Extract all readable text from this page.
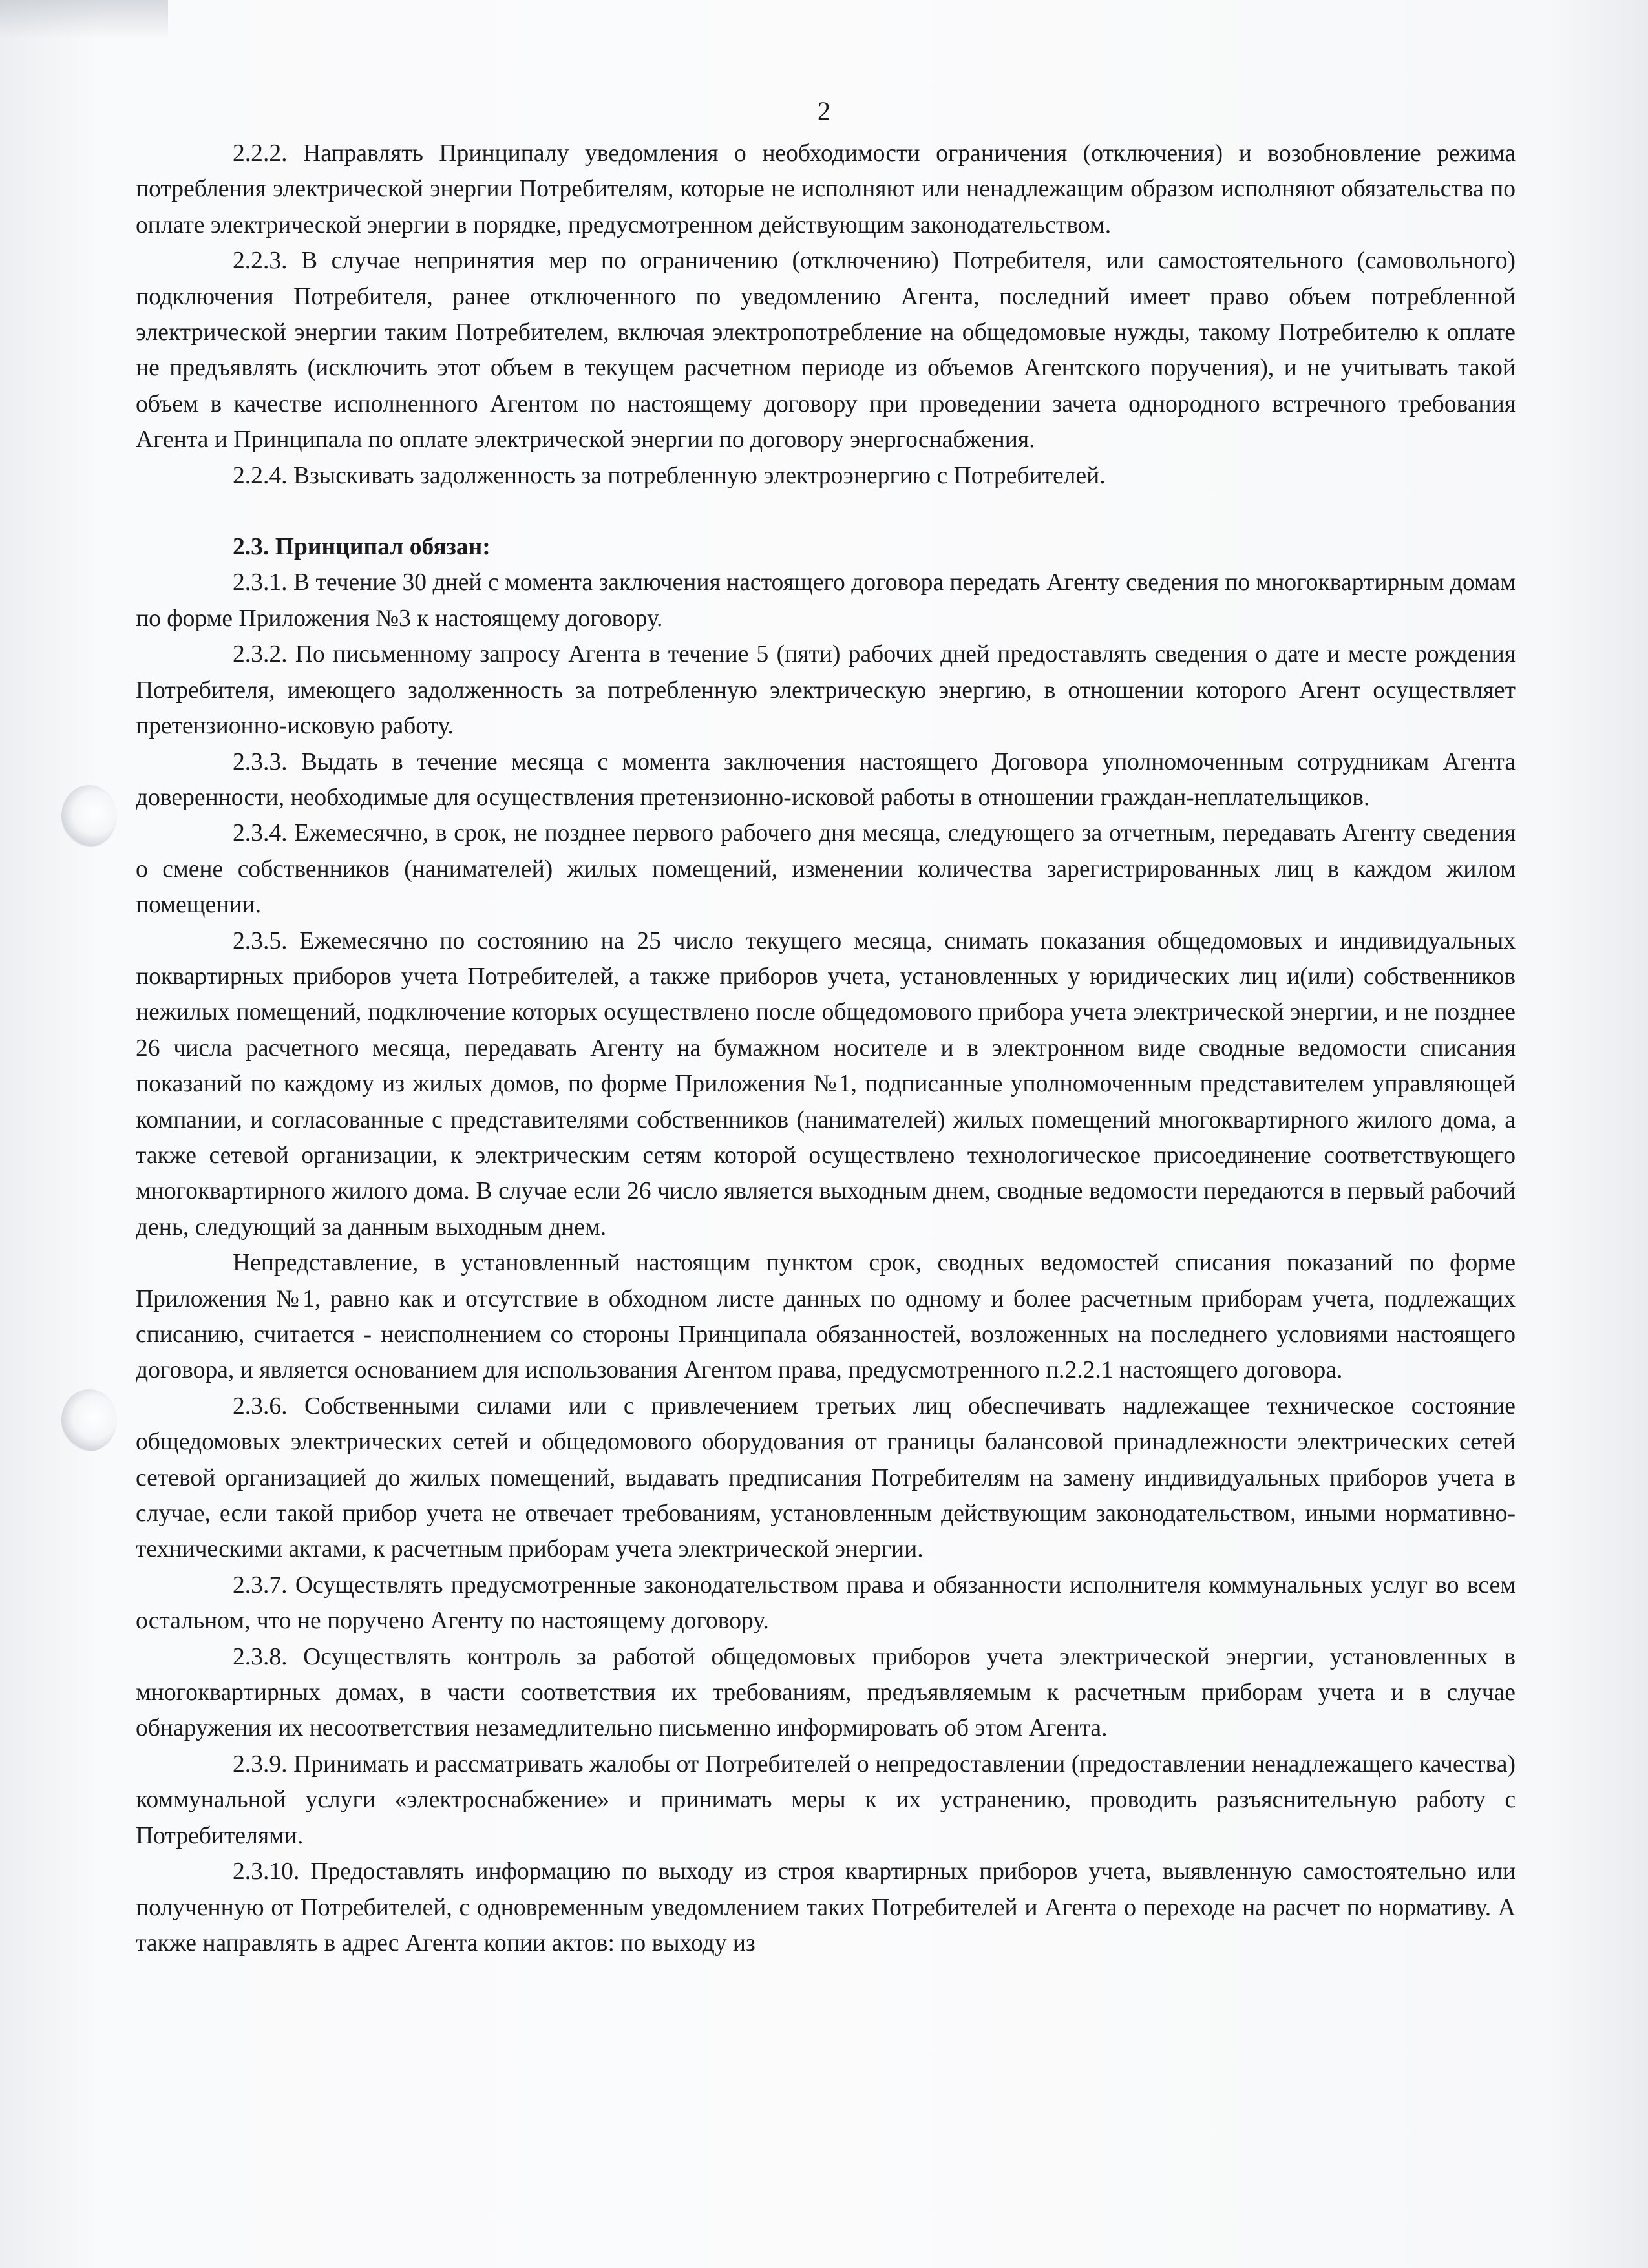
2

2.2.2. Направлять Принципалу уведомления о необходимости ограничения (отключения) и возобновление режима потребления электрической энергии Потребителям, которые не исполняют или ненадлежащим образом исполняют обязательства по оплате электрической энергии в порядке, предусмотренном действующим законодательством.

2.2.3. В случае непринятия мер по ограничению (отключению) Потребителя, или самостоятельного (самовольного) подключения Потребителя, ранее отключенного по уведомлению Агента, последний имеет право объем потребленной электрической энергии таким Потребителем, включая электропотребление на общедомовые нужды, такому Потребителю к оплате не предъявлять (исключить этот объем в текущем расчетном периоде из объемов Агентского поручения), и не учитывать такой объем в качестве исполненного Агентом по настоящему договору при проведении зачета однородного встречного требования Агента и Принципала по оплате электрической энергии по договору энергоснабжения.

2.2.4. Взыскивать задолженность за потребленную электроэнергию с Потребителей.

2.3. Принципал обязан:

2.3.1. В течение 30 дней с момента заключения настоящего договора передать Агенту сведения по многоквартирным домам по форме Приложения №3 к настоящему договору.

2.3.2. По письменному запросу Агента в течение 5 (пяти) рабочих дней предоставлять сведения о дате и месте рождения Потребителя, имеющего задолженность за потребленную электрическую энергию, в отношении которого Агент осуществляет претензионно-исковую работу.

2.3.3. Выдать в течение месяца с момента заключения настоящего Договора уполномоченным сотрудникам Агента доверенности, необходимые для осуществления претензионно-исковой работы в отношении граждан-неплательщиков.

2.3.4. Ежемесячно, в срок, не позднее первого рабочего дня месяца, следующего за отчетным, передавать Агенту сведения о смене собственников (нанимателей) жилых помещений, изменении количества зарегистрированных лиц в каждом жилом помещении.

2.3.5. Ежемесячно по состоянию на 25 число текущего месяца, снимать показания общедомовых и индивидуальных поквартирных приборов учета Потребителей, а также приборов учета, установленных у юридических лиц и(или) собственников нежилых помещений, подключение которых осуществлено после общедомового прибора учета электрической энергии, и не позднее 26 числа расчетного месяца, передавать Агенту на бумажном носителе и в электронном виде сводные ведомости списания показаний по каждому из жилых домов, по форме Приложения №1, подписанные уполномоченным представителем управляющей компании, и согласованные с представителями собственников (нанимателей) жилых помещений многоквартирного жилого дома, а также сетевой организации, к электрическим сетям которой осуществлено технологическое присоединение соответствующего многоквартирного жилого дома. В случае если 26 число является выходным днем, сводные ведомости передаются в первый рабочий день, следующий за данным выходным днем.

Непредставление, в установленный настоящим пунктом срок, сводных ведомостей списания показаний по форме Приложения №1, равно как и отсутствие в обходном листе данных по одному и более расчетным приборам учета, подлежащих списанию, считается - неисполнением со стороны Принципала обязанностей, возложенных на последнего условиями настоящего договора, и является основанием для использования Агентом права, предусмотренного п.2.2.1 настоящего договора.

2.3.6. Собственными силами или с привлечением третьих лиц обеспечивать надлежащее техническое состояние общедомовых электрических сетей и общедомового оборудования от границы балансовой принадлежности электрических сетей сетевой организацией до жилых помещений, выдавать предписания Потребителям на замену индивидуальных приборов учета в случае, если такой прибор учета не отвечает требованиям, установленным действующим законодательством, иными нормативно-техническими актами, к расчетным приборам учета электрической энергии.

2.3.7. Осуществлять предусмотренные законодательством права и обязанности исполнителя коммунальных услуг во всем остальном, что не поручено Агенту по настоящему договору.

2.3.8. Осуществлять контроль за работой общедомовых приборов учета электрической энергии, установленных в многоквартирных домах, в части соответствия их требованиям, предъявляемым к расчетным приборам учета и в случае обнаружения их несоответствия незамедлительно письменно информировать об этом Агента.

2.3.9. Принимать и рассматривать жалобы от Потребителей о непредоставлении (предоставлении ненадлежащего качества) коммунальной услуги «электроснабжение» и принимать меры к их устранению, проводить разъяснительную работу с Потребителями.

2.3.10. Предоставлять информацию по выходу из строя квартирных приборов учета, выявленную самостоятельно или полученную от Потребителей, с одновременным уведомлением таких Потребителей и Агента о переходе на расчет по нормативу. А также направлять в адрес Агента копии актов: по выходу из
